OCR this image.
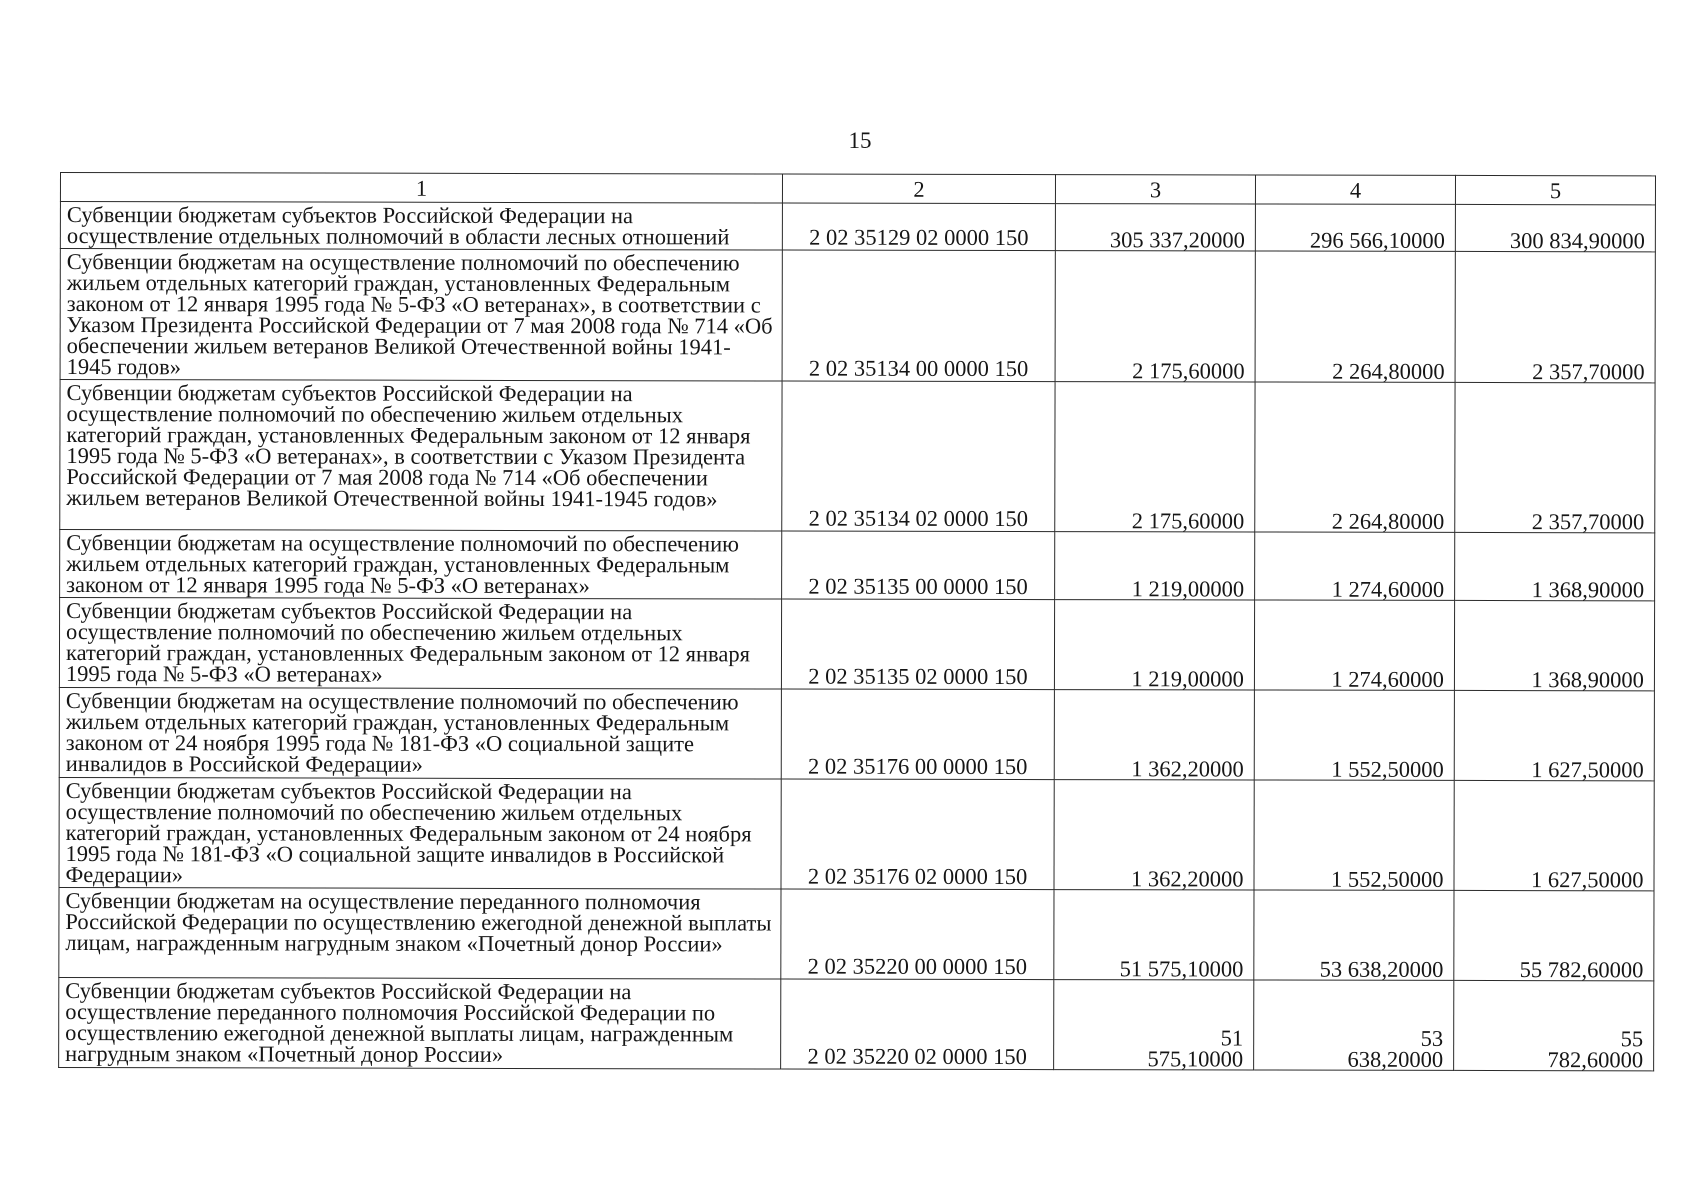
15
1	2	3	4	5
Субвенции бюджетам субъектов Российской Федерации на осуществление отдельных полномочий в области лесных отношений	2 02 35129 02 0000 150	305 337,20000	296 566,10000	300 834,90000
Субвенции бюджетам на осуществление полномочий по обеспечению жильем отдельных категорий граждан, установленных Федеральным законом от 12 января 1995 года № 5-ФЗ «О ветеранах», в соответствии с Указом Президента Российской Федерации от 7 мая 2008 года № 714 «Об обеспечении жильем ветеранов Великой Отечественной войны 1941-1945 годов»	2 02 35134 00 0000 150	2 175,60000	2 264,80000	2 357,70000
Субвенции бюджетам субъектов Российской Федерации на осуществление полномочий по обеспечению жильем отдельных категорий граждан, установленных Федеральным законом от 12 января 1995 года № 5-ФЗ «О ветеранах», в соответствии с Указом Президента Российской Федерации от 7 мая 2008 года № 714 «Об обеспечении жильем ветеранов Великой Отечественной войны 1941-1945 годов»	2 02 35134 02 0000 150	2 175,60000	2 264,80000	2 357,70000
Субвенции бюджетам на осуществление полномочий по обеспечению жильем отдельных категорий граждан, установленных Федеральным законом от 12 января 1995 года № 5-ФЗ «О ветеранах»	2 02 35135 00 0000 150	1 219,00000	1 274,60000	1 368,90000
Субвенции бюджетам субъектов Российской Федерации на осуществление полномочий по обеспечению жильем отдельных категорий граждан, установленных Федеральным законом от 12 января 1995 года № 5-ФЗ «О ветеранах»	2 02 35135 02 0000 150	1 219,00000	1 274,60000	1 368,90000
Субвенции бюджетам на осуществление полномочий по обеспечению жильем отдельных категорий граждан, установленных Федеральным законом от 24 ноября 1995 года № 181-ФЗ «О социальной защите инвалидов в Российской Федерации»	2 02 35176 00 0000 150	1 362,20000	1 552,50000	1 627,50000
Субвенции бюджетам субъектов Российской Федерации на осуществление полномочий по обеспечению жильем отдельных категорий граждан, установленных Федеральным законом от 24 ноября 1995 года № 181-ФЗ «О социальной защите инвалидов в Российской Федерации»	2 02 35176 02 0000 150	1 362,20000	1 552,50000	1 627,50000
Субвенции бюджетам на осуществление переданного полномочия Российской Федерации по осуществлению ежегодной денежной выплаты лицам, награжденным нагрудным знаком «Почетный донор России»	2 02 35220 00 0000 150	51 575,10000	53 638,20000	55 782,60000
Субвенции бюджетам субъектов Российской Федерации на осуществление переданного полномочия Российской Федерации по осуществлению ежегодной денежной выплаты лицам, награжденным нагрудным знаком «Почетный донор России»	2 02 35220 02 0000 150	51 575,10000	53 638,20000	55 782,60000
